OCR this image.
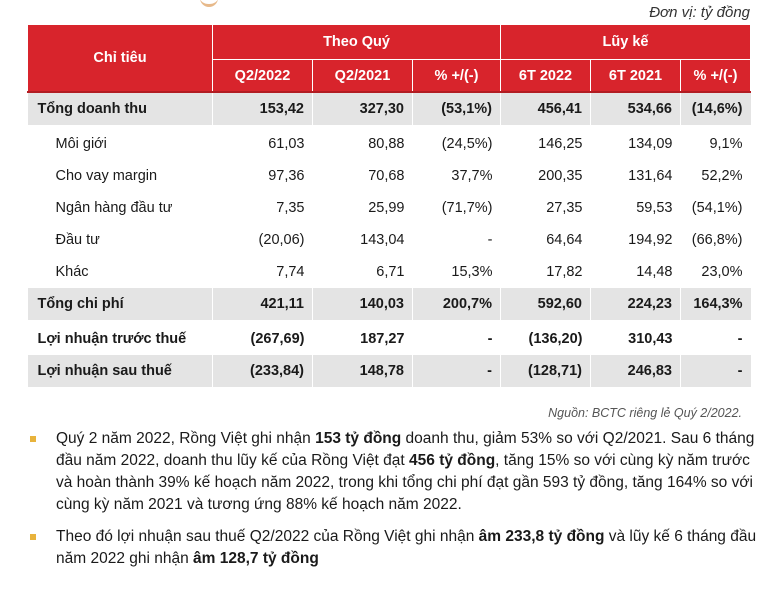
Đơn vị: tỷ đồng
Chỉ tiêu	Theo Quý			Lũy kế		
	Q2/2022	Q2/2021	% +/(-)	6T 2022	6T 2021	% +/(-)
Tổng doanh thu	153,42	327,30	(53,1%)	456,41	534,66	(14,6%)
Môi giới	61,03	80,88	(24,5%)	146,25	134,09	9,1%
Cho vay margin	97,36	70,68	37,7%	200,35	131,64	52,2%
Ngân hàng đầu tư	7,35	25,99	(71,7%)	27,35	59,53	(54,1%)
Đầu tư	(20,06)	143,04	-	64,64	194,92	(66,8%)
Khác	7,74	6,71	15,3%	17,82	14,48	23,0%
Tổng chi phí	421,11	140,03	200,7%	592,60	224,23	164,3%
Lợi nhuận trước thuế	(267,69)	187,27	-	(136,20)	310,43	-
Lợi nhuận sau thuế	(233,84)	148,78	-	(128,71)	246,83	-
Nguồn: BCTC riêng lẻ Quý 2/2022.
Quý 2 năm 2022, Rồng Việt ghi nhận 153 tỷ đồng doanh thu, giảm 53% so với Q2/2021. Sau 6 tháng đầu năm 2022, doanh thu lũy kế của Rồng Việt đạt 456 tỷ đồng, tăng 15% so với cùng kỳ năm trước và hoàn thành 39% kế hoạch năm 2022, trong khi tổng chi phí đạt gần 593 tỷ đồng, tăng 164% so với cùng kỳ năm 2021 và tương ứng 88% kế hoạch năm 2022.
Theo đó lợi nhuận sau thuế Q2/2022 của Rồng Việt ghi nhận âm 233,8 tỷ đồng và lũy kế 6 tháng đầu năm 2022 ghi nhận âm 128,7 tỷ đồng
